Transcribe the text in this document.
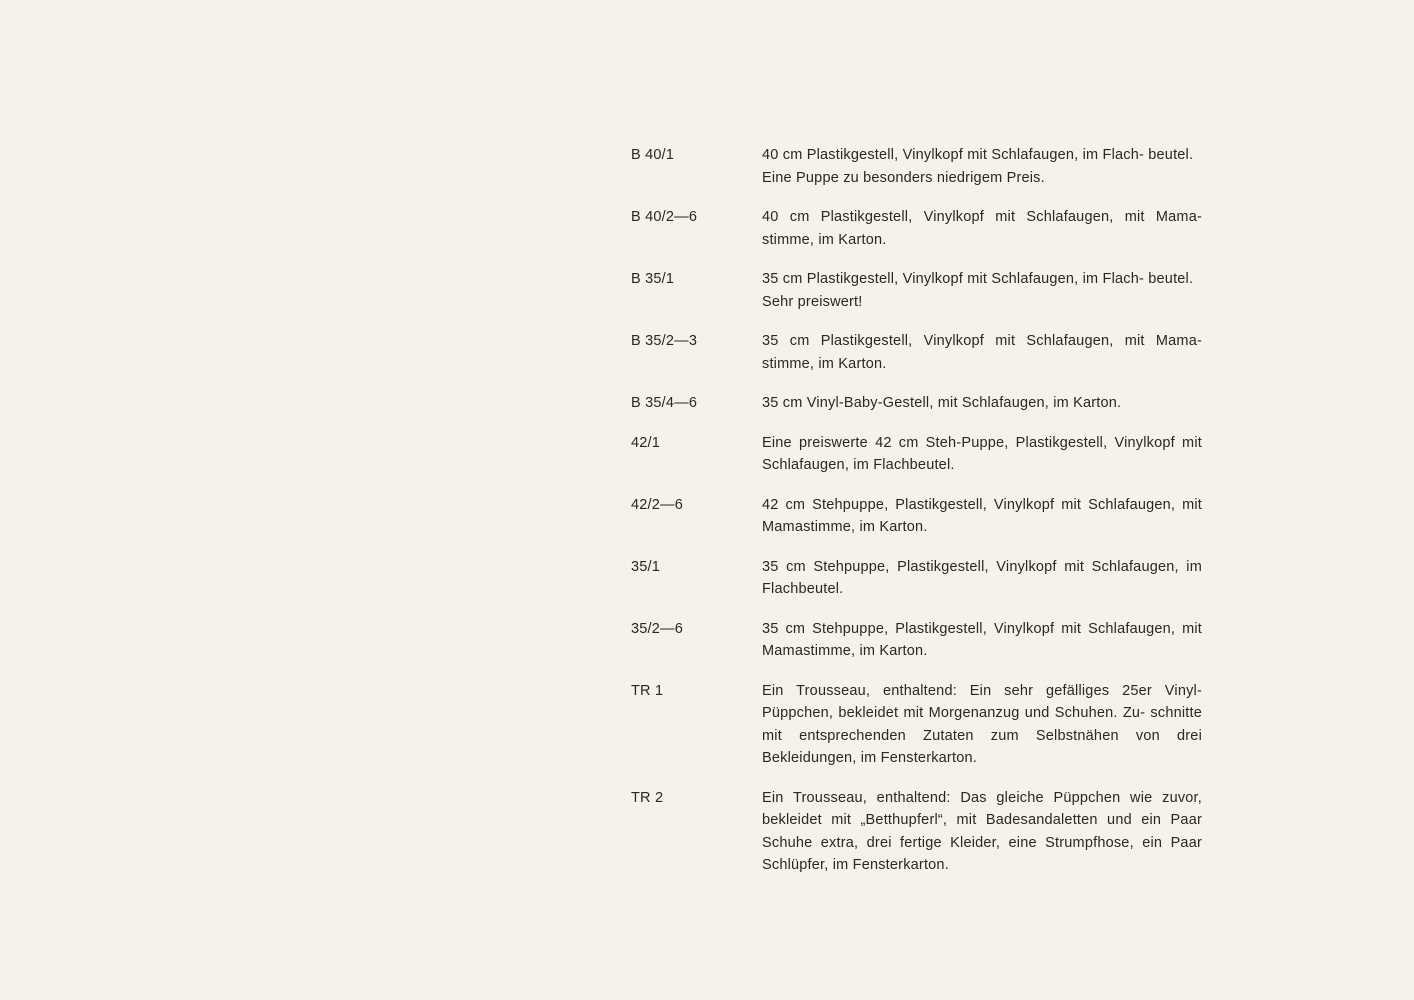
B 40/1	40 cm Plastikgestell, Vinylkopf mit Schlafaugen, im Flach- beutel.
Eine Puppe zu besonders niedrigem Preis.
B 40/2—6	40 cm Plastikgestell, Vinylkopf mit Schlafaugen, mit Mama- stimme, im Karton.
B 35/1	35 cm Plastikgestell, Vinylkopf mit Schlafaugen, im Flach- beutel.
Sehr preiswert!
B 35/2—3	35 cm Plastikgestell, Vinylkopf mit Schlafaugen, mit Mama- stimme, im Karton.
B 35/4—6	35 cm Vinyl-Baby-Gestell, mit Schlafaugen, im Karton.
42/1	Eine preiswerte 42 cm Steh-Puppe, Plastikgestell, Vinylkopf mit Schlafaugen, im Flachbeutel.
42/2—6	42 cm Stehpuppe, Plastikgestell, Vinylkopf mit Schlafaugen, mit Mamastimme, im Karton.
35/1	35 cm Stehpuppe, Plastikgestell, Vinylkopf mit Schlafaugen, im Flachbeutel.
35/2—6	35 cm Stehpuppe, Plastikgestell, Vinylkopf mit Schlafaugen, mit Mamastimme, im Karton.
TR 1	Ein Trousseau, enthaltend: Ein sehr gefälliges 25er Vinyl- Püppchen, bekleidet mit Morgenanzug und Schuhen. Zu- schnitte mit entsprechenden Zutaten zum Selbstnähen von drei Bekleidungen, im Fensterkarton.
TR 2	Ein Trousseau, enthaltend: Das gleiche Püppchen wie zuvor, bekleidet mit „Betthupferl“, mit Badesandaletten und ein Paar Schuhe extra, drei fertige Kleider, eine Strumpfhose, ein Paar Schlüpfer, im Fensterkarton.
